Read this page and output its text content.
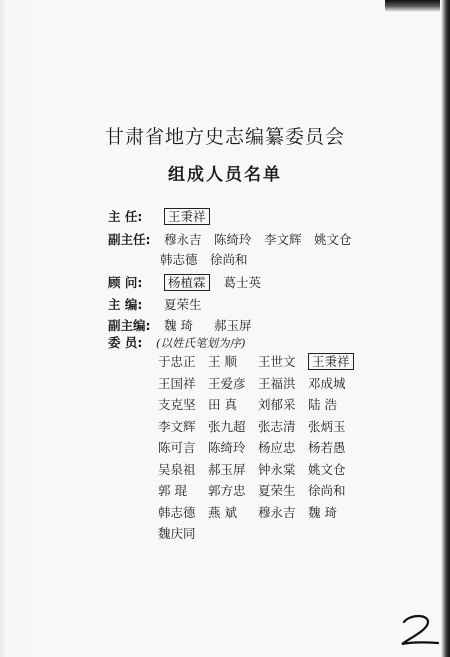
甘肃省地方史志编纂委员会
组成人员名单
主 任: 王秉祥
副主任: 穆永吉 陈绮玲 李文辉 姚文仓
韩志德 徐尚和
顾 问: 杨植霖 葛士英
主 编: 夏荣生
副主编: 魏 琦 郝玉屏
委 员: (以姓氏笔划为序)
于忠正 王 顺 王世文 王秉祥
王国祥 王爱彦 王福洪 邓成城
支克坚 田 真 刘郁采 陆 浩
李文辉 张九超 张志清 张炳玉
陈可言 陈绮玲 杨应忠 杨若愚
吴泉祖 郝玉屏 钟永棠 姚文仓
郭 琨 郭方忠 夏荣生 徐尚和
韩志德 燕 斌 穆永吉 魏 琦
魏庆同
